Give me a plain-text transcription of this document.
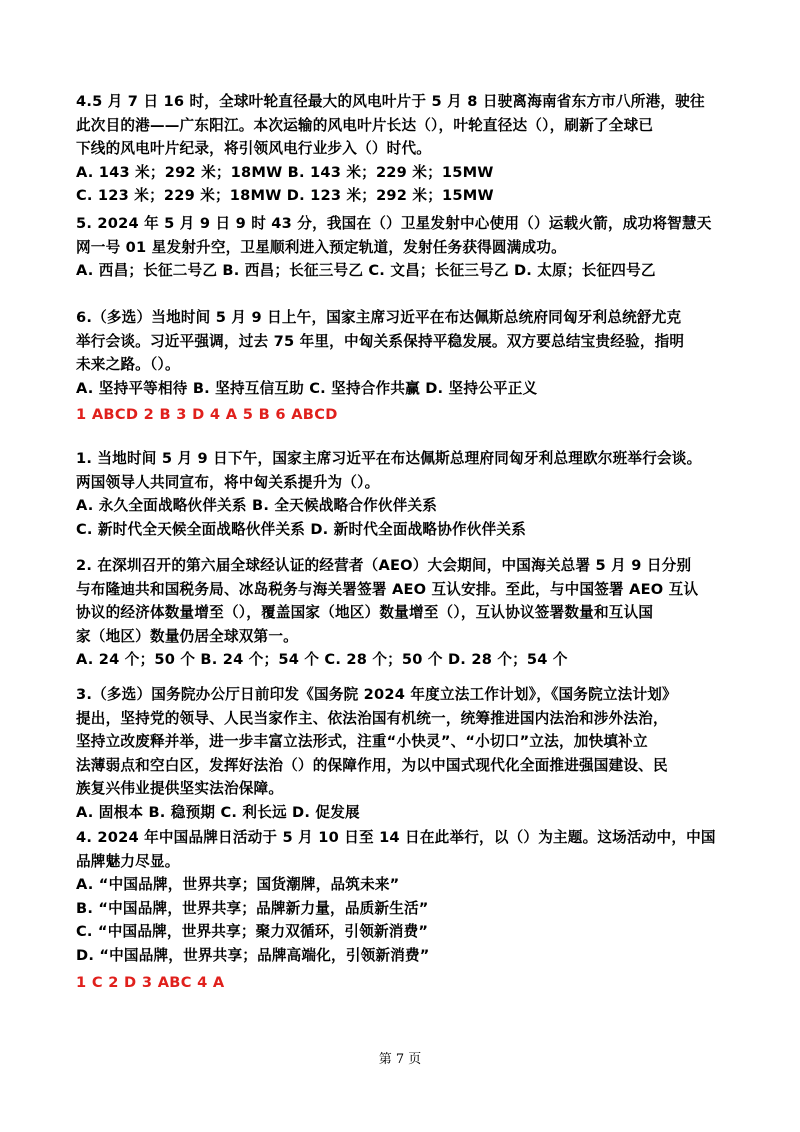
4.5 月 7 日 16 时，全球叶轮直径最大的风电叶片于 5 月 8 日驶离海南省东方市八所港，驶往

此次目的港——广东阳江。本次运输的风电叶片长达（），叶轮直径达（），刷新了全球已

下线的风电叶片纪录，将引领风电行业步入（）时代。

A. 143 米；292 米；18MW B. 143 米；229 米；15MW

C. 123 米；229 米；18MW D. 123 米；292 米；15MW

5. 2024 年 5 月 9 日 9 时 43 分，我国在（）卫星发射中心使用（）运载火箭，成功将智慧天

网一号 01 星发射升空，卫星顺利进入预定轨道，发射任务获得圆满成功。

A. 西昌；长征二号乙 B. 西昌；长征三号乙 C. 文昌；长征三号乙 D. 太原；长征四号乙

6.（多选）当地时间 5 月 9 日上午，国家主席习近平在布达佩斯总统府同匈牙利总统舒尤克

举行会谈。习近平强调，过去 75 年里，中匈关系保持平稳发展。双方要总结宝贵经验，指明

未来之路。（）。

A. 坚持平等相待 B. 坚持互信互助 C. 坚持合作共赢 D. 坚持公平正义

1 ABCD 2 B 3 D 4 A 5 B 6 ABCD

1. 当地时间 5 月 9 日下午，国家主席习近平在布达佩斯总理府同匈牙利总理欧尔班举行会谈。

两国领导人共同宣布，将中匈关系提升为（）。

A. 永久全面战略伙伴关系 B. 全天候战略合作伙伴关系

C. 新时代全天候全面战略伙伴关系 D. 新时代全面战略协作伙伴关系

2. 在深圳召开的第六届全球经认证的经营者（AEO）大会期间，中国海关总署 5 月 9 日分别

与布隆迪共和国税务局、冰岛税务与海关署签署 AEO 互认安排。至此，与中国签署 AEO 互认

协议的经济体数量增至（），覆盖国家（地区）数量增至（），互认协议签署数量和互认国

家（地区）数量仍居全球双第一。

A. 24 个；50 个 B. 24 个；54 个 C. 28 个；50 个 D. 28 个；54 个

3.（多选）国务院办公厅日前印发《国务院 2024 年度立法工作计划》，《国务院立法计划》

提出，坚持党的领导、人民当家作主、依法治国有机统一，统筹推进国内法治和涉外法治，

坚持立改废释并举，进一步丰富立法形式，注重“小快灵”、“小切口”立法，加快填补立

法薄弱点和空白区，发挥好法治（）的保障作用，为以中国式现代化全面推进强国建设、民

族复兴伟业提供坚实法治保障。

A. 固根本 B. 稳预期 C. 利长远 D. 促发展

4. 2024 年中国品牌日活动于 5 月 10 日至 14 日在此举行，以（）为主题。这场活动中，中国

品牌魅力尽显。

A. “中国品牌，世界共享；国货潮牌，品筑未来”

B. “中国品牌，世界共享；品牌新力量，品质新生活”

C. “中国品牌，世界共享；聚力双循环，引领新消费”

D. “中国品牌，世界共享；品牌高端化，引领新消费”

1 C 2 D 3 ABC 4 A
第 7 页
